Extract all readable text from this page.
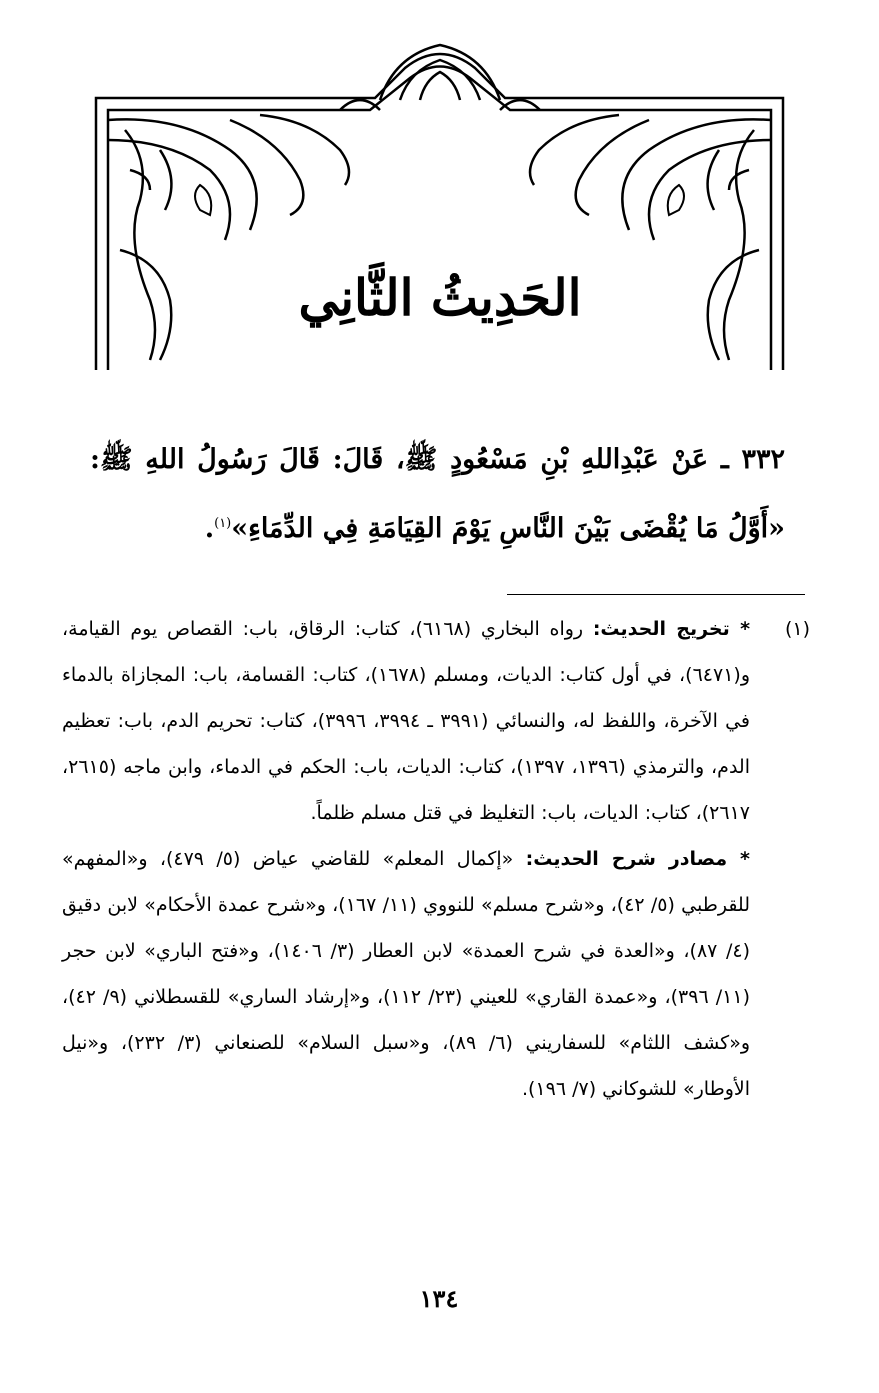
الحَدِيثُ الثَّانِي
٣٣٢ ـ عَنْ عَبْدِاللهِ بْنِ مَسْعُودٍ ﷺ، قَالَ: قَالَ رَسُولُ اللهِ ﷺ: «أَوَّلُ مَا يُقْضَى بَيْنَ النَّاسِ يَوْمَ القِيَامَةِ فِي الدِّمَاءِ»$^{(١)}$.
(١)

* تخريج الحديث: رواه البخاري (٦١٦٨)، كتاب: الرقاق، باب: القصاص يوم القيامة، و(٦٤٧١)، في أول كتاب: الديات، ومسلم (١٦٧٨)، كتاب: القسامة، باب: المجازاة بالدماء في الآخرة، واللفظ له، والنسائي (٣٩٩١ ـ ٣٩٩٤، ٣٩٩٦)، كتاب: تحريم الدم، باب: تعظيم الدم، والترمذي (١٣٩٦، ١٣٩٧)، كتاب: الديات، باب: الحكم في الدماء، وابن ماجه (٢٦١٥، ٢٦١٧)، كتاب: الديات، باب: التغليظ في قتل مسلم ظلماً.

* مصادر شرح الحديث: «إكمال المعلم» للقاضي عياض (٥/ ٤٧٩)، و«المفهم» للقرطبي (٥/ ٤٢)، و«شرح مسلم» للنووي (١١/ ١٦٧)، و«شرح عمدة الأحكام» لابن دقيق (٤/ ٨٧)، و«العدة في شرح العمدة» لابن العطار (٣/ ١٤٠٦)، و«فتح الباري» لابن حجر (١١/ ٣٩٦)، و«عمدة القاري» للعيني (٢٣/ ١١٢)، و«إرشاد الساري» للقسطلاني (٩/ ٤٢)، و«كشف اللثام» للسفاريني (٦/ ٨٩)، و«سبل السلام» للصنعاني (٣/ ٢٣٢)، و«نيل الأوطار» للشوكاني (٧/ ١٩٦).

١٣٤
